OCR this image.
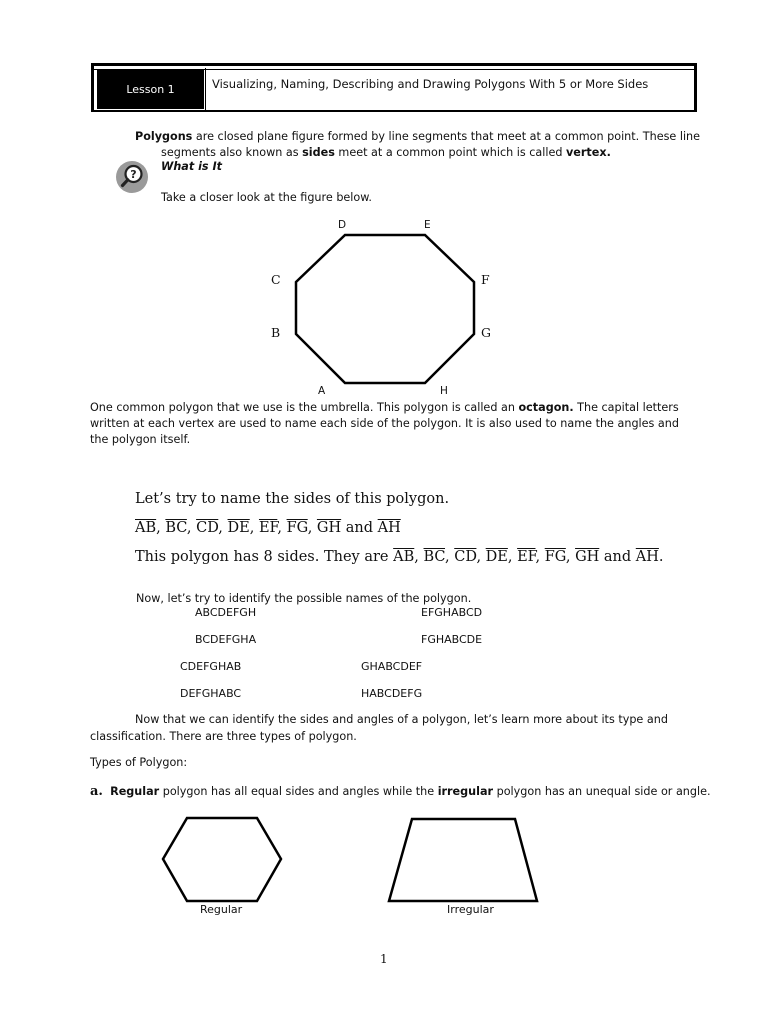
Lesson 1	Visualizing, Naming, Describing and Drawing Polygons With 5 or More Sides
Polygons are closed plane figure formed by line segments that meet at a common point. These line
segments also known as sides meet at a common point which is called vertex.
?
What is It
Take a closer look at the figure below.
D	E
C	F
B	G
A	H
One common polygon that we use is the umbrella. This polygon is called an octagon. The capital letters
written at each vertex are used to name each side of the polygon. It is also used to name the angles and
the polygon itself.
Let’s try to name the sides of this polygon.
$\overline{AB}$, $\overline{BC}$, $\overline{CD}$, $\overline{DE}$, $\overline{EF}$, $\overline{FG}$, $\overline{GH}$ and $\overline{AH}$
This polygon has 8 sides. They are $\overline{AB}$, $\overline{BC}$, $\overline{CD}$, $\overline{DE}$, $\overline{EF}$, $\overline{FG}$, $\overline{GH}$ and $\overline{AH}$.
Now, let’s try to identify the possible names of the polygon.
ABCDEFGH	EFGHABCD
BCDEFGHA	FGHABCDE
CDEFGHAB	GHABCDEF
DEFGHABC	HABCDEFG
Now that we can identify the sides and angles of a polygon, let’s learn more about its type and
classification. There are three types of polygon.
Types of Polygon:
a. Regular polygon has all equal sides and angles while the irregular polygon has an unequal side or angle.
Regular	Irregular
1
